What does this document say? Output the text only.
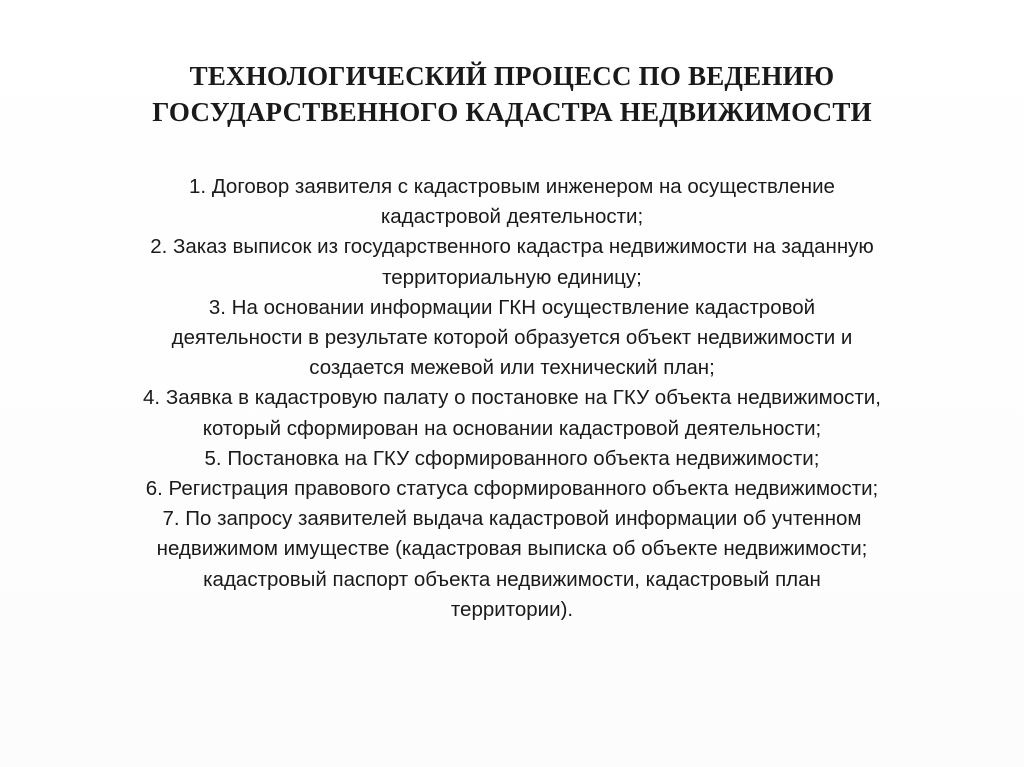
ТЕХНОЛОГИЧЕСКИЙ ПРОЦЕСС ПО ВЕДЕНИЮ
ГОСУДАРСТВЕННОГО КАДАСТРА НЕДВИЖИМОСТИ
1. Договор заявителя с кадастровым инженером на осуществление
кадастровой деятельности;
2. Заказ выписок из государственного кадастра недвижимости на заданную
территориальную единицу;
3. На основании информации ГКН осуществление кадастровой
деятельности в результате которой образуется объект недвижимости и
создается межевой или технический план;
4. Заявка в кадастровую палату о постановке на ГКУ объекта недвижимости,
который сформирован на основании кадастровой деятельности;
5. Постановка на ГКУ сформированного объекта недвижимости;
6. Регистрация правового статуса сформированного объекта недвижимости;
7. По запросу заявителей выдача кадастровой информации об учтенном
недвижимом имуществе (кадастровая выписка об объекте недвижимости;
кадастровый паспорт объекта недвижимости, кадастровый план
территории).
